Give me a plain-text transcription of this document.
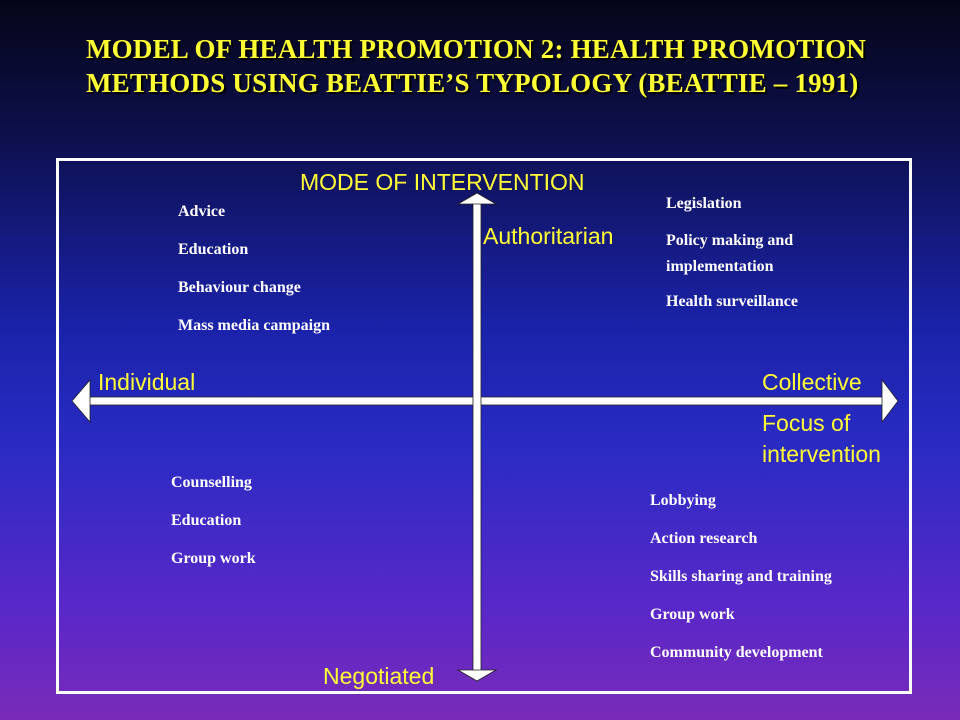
MODEL OF HEALTH PROMOTION 2: HEALTH PROMOTION METHODS USING BEATTIE’S TYPOLOGY (BEATTIE – 1991)
MODE OF INTERVENTION
Authoritarian
Negotiated
Individual	Collective
Focus of intervention
Advice
Education
Behaviour change
Mass media campaign
Legislation
Policy making and implementation
Health surveillance
Counselling
Education
Group work
Lobbying
Action research
Skills sharing and training
Group work
Community development
